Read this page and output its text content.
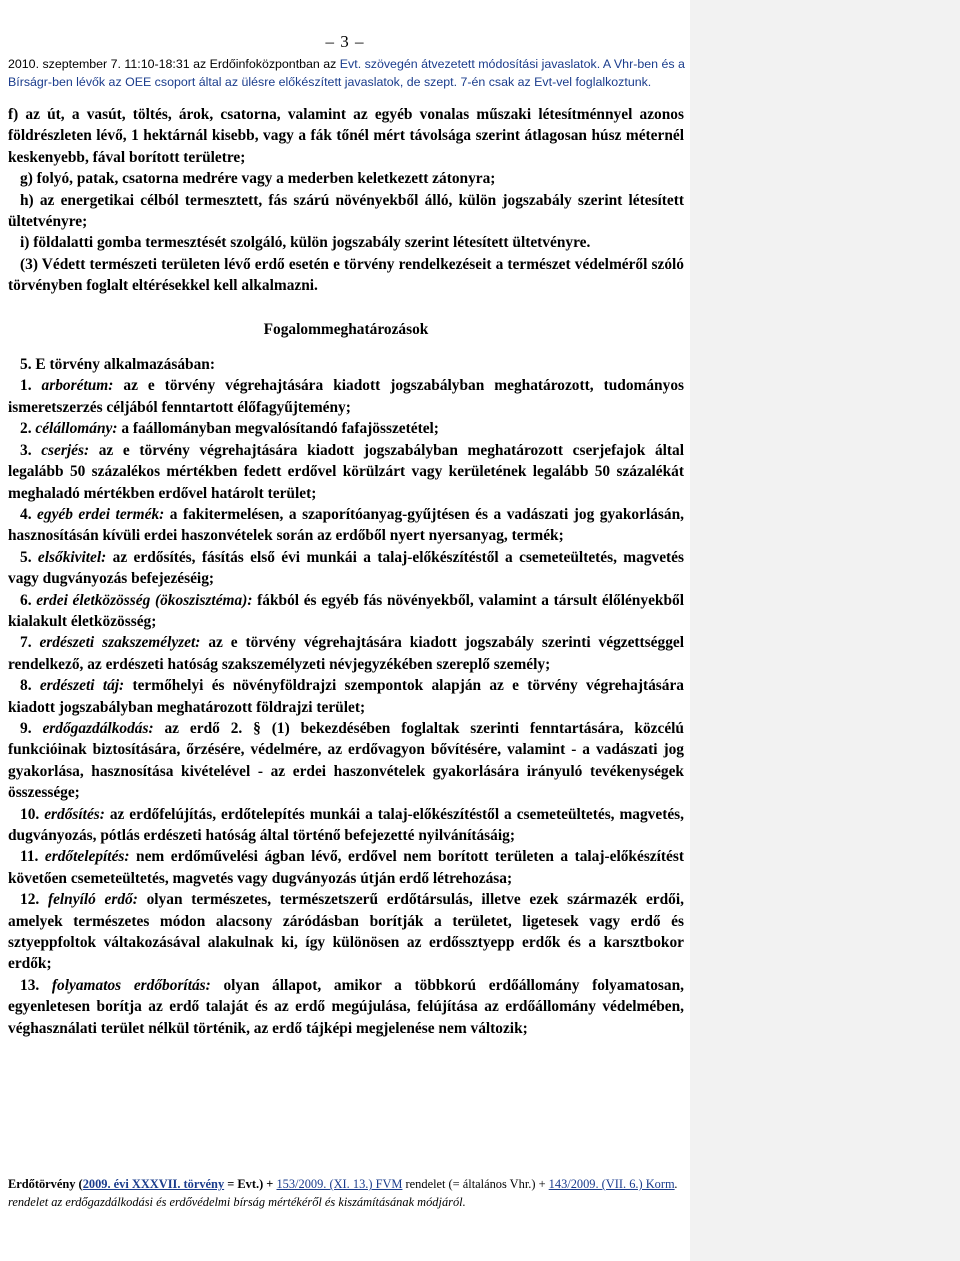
– 3 –
2010. szeptember 7. 11:10-18:31 az Erdőinfoközpontban az Evt. szövegén átvezetett módosítási javaslatok. A Vhr-ben és a
Bírságr-ben lévők az OEE csoport által az ülésre előkészített javaslatok, de szept. 7-én csak az Evt-vel foglalkoztunk.

f) az út, a vasút, töltés, árok, csatorna, valamint az egyéb vonalas műszaki létesítménnyel azonos földrészleten lévő, 1 hektárnál kisebb, vagy a fák tőnél mért távolsága szerint átlagosan húsz méternél keskenyebb, fával borított területre;

g) folyó, patak, csatorna medrére vagy a mederben keletkezett zátonyra;

h) az energetikai célból termesztett, fás szárú növényekből álló, külön jogszabály szerint létesített ültetvényre;

i) földalatti gomba termesztését szolgáló, külön jogszabály szerint létesített ültetvényre.

(3) Védett természeti területen lévő erdő esetén e törvény rendelkezéseit a természet védelméről szóló törvényben foglalt eltérésekkel kell alkalmazni.

Fogalommeghatározások

5. E törvény alkalmazásában:

1. arborétum: az e törvény végrehajtására kiadott jogszabályban meghatározott, tudományos ismeretszerzés céljából fenntartott élőfagyűjtemény;

2. célállomány: a faállományban megvalósítandó fafajösszetétel;

3. cserjés: az e törvény végrehajtására kiadott jogszabályban meghatározott cserjefajok által legalább 50 százalékos mértékben fedett erdővel körülzárt vagy kerületének legalább 50 százalékát meghaladó mértékben erdővel határolt terület;

4. egyéb erdei termék: a fakitermelésen, a szaporítóanyag-gyűjtésen és a vadászati jog gyakorlásán, hasznosításán kívüli erdei haszonvételek során az erdőből nyert nyersanyag, termék;

5. elsőkivitel: az erdősítés, fásítás első évi munkái a talaj-előkészítéstől a csemeteültetés, magvetés vagy dugványozás befejezéséig;

6. erdei életközösség (ökoszisztéma): fákból és egyéb fás növényekből, valamint a társult élőlényekből kialakult életközösség;

7. erdészeti szakszemélyzet: az e törvény végrehajtására kiadott jogszabály szerinti végzettséggel rendelkező, az erdészeti hatóság szakszemélyzeti névjegyzékében szereplő személy;

8. erdészeti táj: termőhelyi és növényföldrajzi szempontok alapján az e törvény végrehajtására kiadott jogszabályban meghatározott földrajzi terület;

9. erdőgazdálkodás: az erdő 2. § (1) bekezdésében foglaltak szerinti fenntartására, közcélú funkcióinak biztosítására, őrzésére, védelmére, az erdővagyon bővítésére, valamint - a vadászati jog gyakorlása, hasznosítása kivételével - az erdei haszonvételek gyakorlására irányuló tevékenységek összessége;

10. erdősítés: az erdőfelújítás, erdőtelepítés munkái a talaj-előkészítéstől a csemeteültetés, magvetés, dugványozás, pótlás erdészeti hatóság által történő befejezetté nyilvánításáig;

11. erdőtelepítés: nem erdőművelési ágban lévő, erdővel nem borított területen a talaj-előkészítést követően csemeteültetés, magvetés vagy dugványozás útján erdő létrehozása;

12. felnyíló erdő: olyan természetes, természetszerű erdőtársulás, illetve ezek származék erdői, amelyek természetes módon alacsony záródásban borítják a területet, ligetesek vagy erdő és sztyeppfoltok váltakozásával alakulnak ki, így különösen az erdőssztyepp erdők és a karsztbokor erdők;

13. folyamatos erdőborítás: olyan állapot, amikor a többkorú erdőállomány folyamatosan, egyenletesen borítja az erdő talaját és az erdő megújulása, felújítása az erdőállomány védelmében, véghasználati terület nélkül történik, az erdő tájképi megjelenése nem változik;

Erdőtörvény (2009. évi XXXVII. törvény = Evt.) + 153/2009. (XI. 13.) FVM rendelet (= általános Vhr.) + 143/2009. (VII. 6.) Korm. rendelet az erdőgazdálkodási és erdővédelmi bírság mértékéről és kiszámításának módjáról.
